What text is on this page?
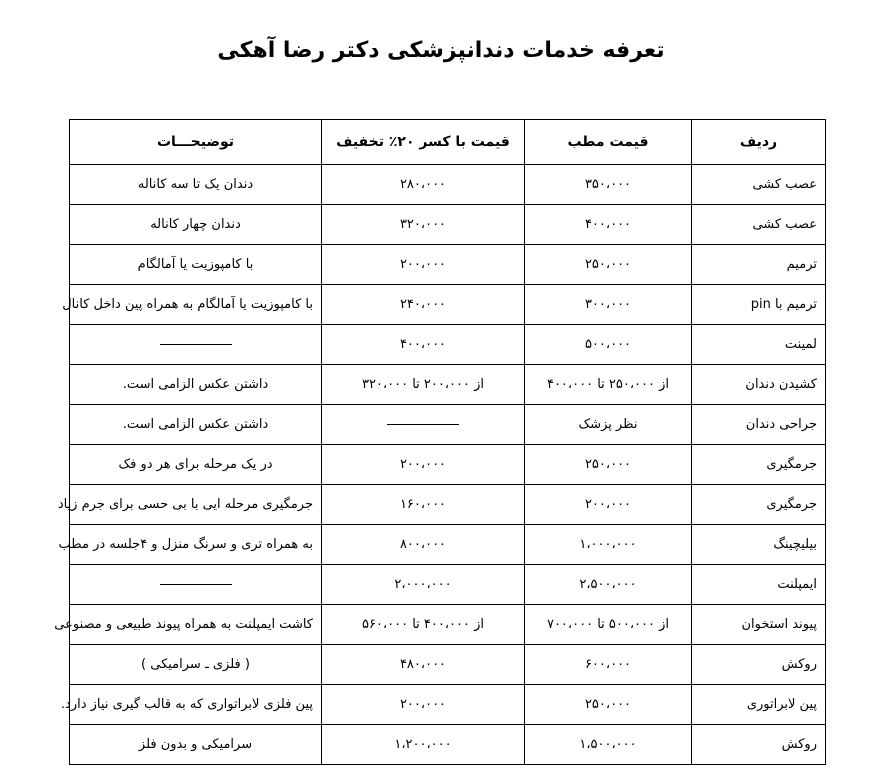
تعرفه خدمات دندانپزشکی دکتر رضا آهکی
ردیف	قیمت مطب	قیمت با کسر ۲۰٪ تخفیف	توضیحـــات
عصب کشی	۳۵۰،۰۰۰	۲۸۰،۰۰۰	دندان یک تا سه کاناله
عصب کشی	۴۰۰،۰۰۰	۳۲۰،۰۰۰	دندان چهار کاناله
ترمیم	۲۵۰،۰۰۰	۲۰۰،۰۰۰	با کامپوزیت یا آمالگام
ترمیم با pin	۳۰۰،۰۰۰	۲۴۰،۰۰۰	با کامپوزیت یا آمالگام به همراه پین داخل کانال
لمینت	۵۰۰،۰۰۰	۴۰۰،۰۰۰	
کشیدن دندان	از ۲۵۰،۰۰۰ تا ۴۰۰،۰۰۰	از ۲۰۰،۰۰۰ تا ۳۲۰،۰۰۰	داشتن عکس الزامی است.
جراحی دندان	نظر پزشک		داشتن عکس الزامی است.
جرمگیری	۲۵۰،۰۰۰	۲۰۰،۰۰۰	در یک مرحله برای هر دو فک
جرمگیری	۲۰۰،۰۰۰	۱۶۰،۰۰۰	جرمگیری مرحله ایی با بی حسی برای جرم زیاد
بیلیچینگ	۱،۰۰۰،۰۰۰	۸۰۰،۰۰۰	به همراه تری و سرنگ منزل و ۴جلسه در مطب
ایمپلنت	۲،۵۰۰،۰۰۰	۲،۰۰۰،۰۰۰	
پیوند استخوان	از ۵۰۰،۰۰۰ تا ۷۰۰،۰۰۰	از ۴۰۰،۰۰۰ تا ۵۶۰،۰۰۰	کاشت ایمپلنت به همراه پیوند طبیعی و مصنوعی
روکش	۶۰۰،۰۰۰	۴۸۰،۰۰۰	( فلزی ـ سرامیکی )
پین لابراتوری	۲۵۰،۰۰۰	۲۰۰،۰۰۰	پین فلزی لابراتواری که به قالب گیری نیاز دارد.
روکش	۱،۵۰۰،۰۰۰	۱،۲۰۰،۰۰۰	سرامیکی و بدون فلز
